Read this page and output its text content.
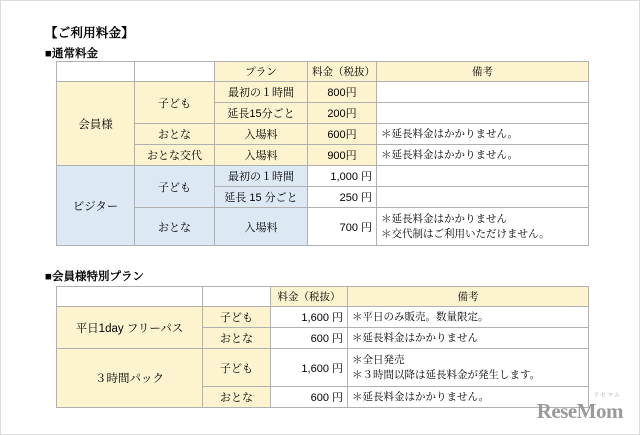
【ご利用料金】
■通常料金
		プラン	料金（税抜）	備考
会員様	子ども	最初の１時間	800円	
		延長15分ごと	200円	
	おとな	入場料	600円	＊延長料金はかかりません。
	おとな交代	入場料	900円	＊延長料金はかかりません。
ビジター	子ども	最初の１時間	1,000 円	
		延長 15 分ごと	250 円	
	おとな	入場料	700 円	＊延長料金はかかりません
＊交代制はご利用いただけません。
■会員様特別プラン
		料金（税抜）	備考
平日1day フリーパス	子ども	1,600 円	＊平日のみ販売。数量限定。

	おとな	600 円	＊延長料金はかかりません

３時間パック	子ども	1,600 円	＊全日発売
＊３時間以降は延長料金が発生します。

	おとな	600 円	＊延長料金はかかりません。
ReseMom
リセマム
